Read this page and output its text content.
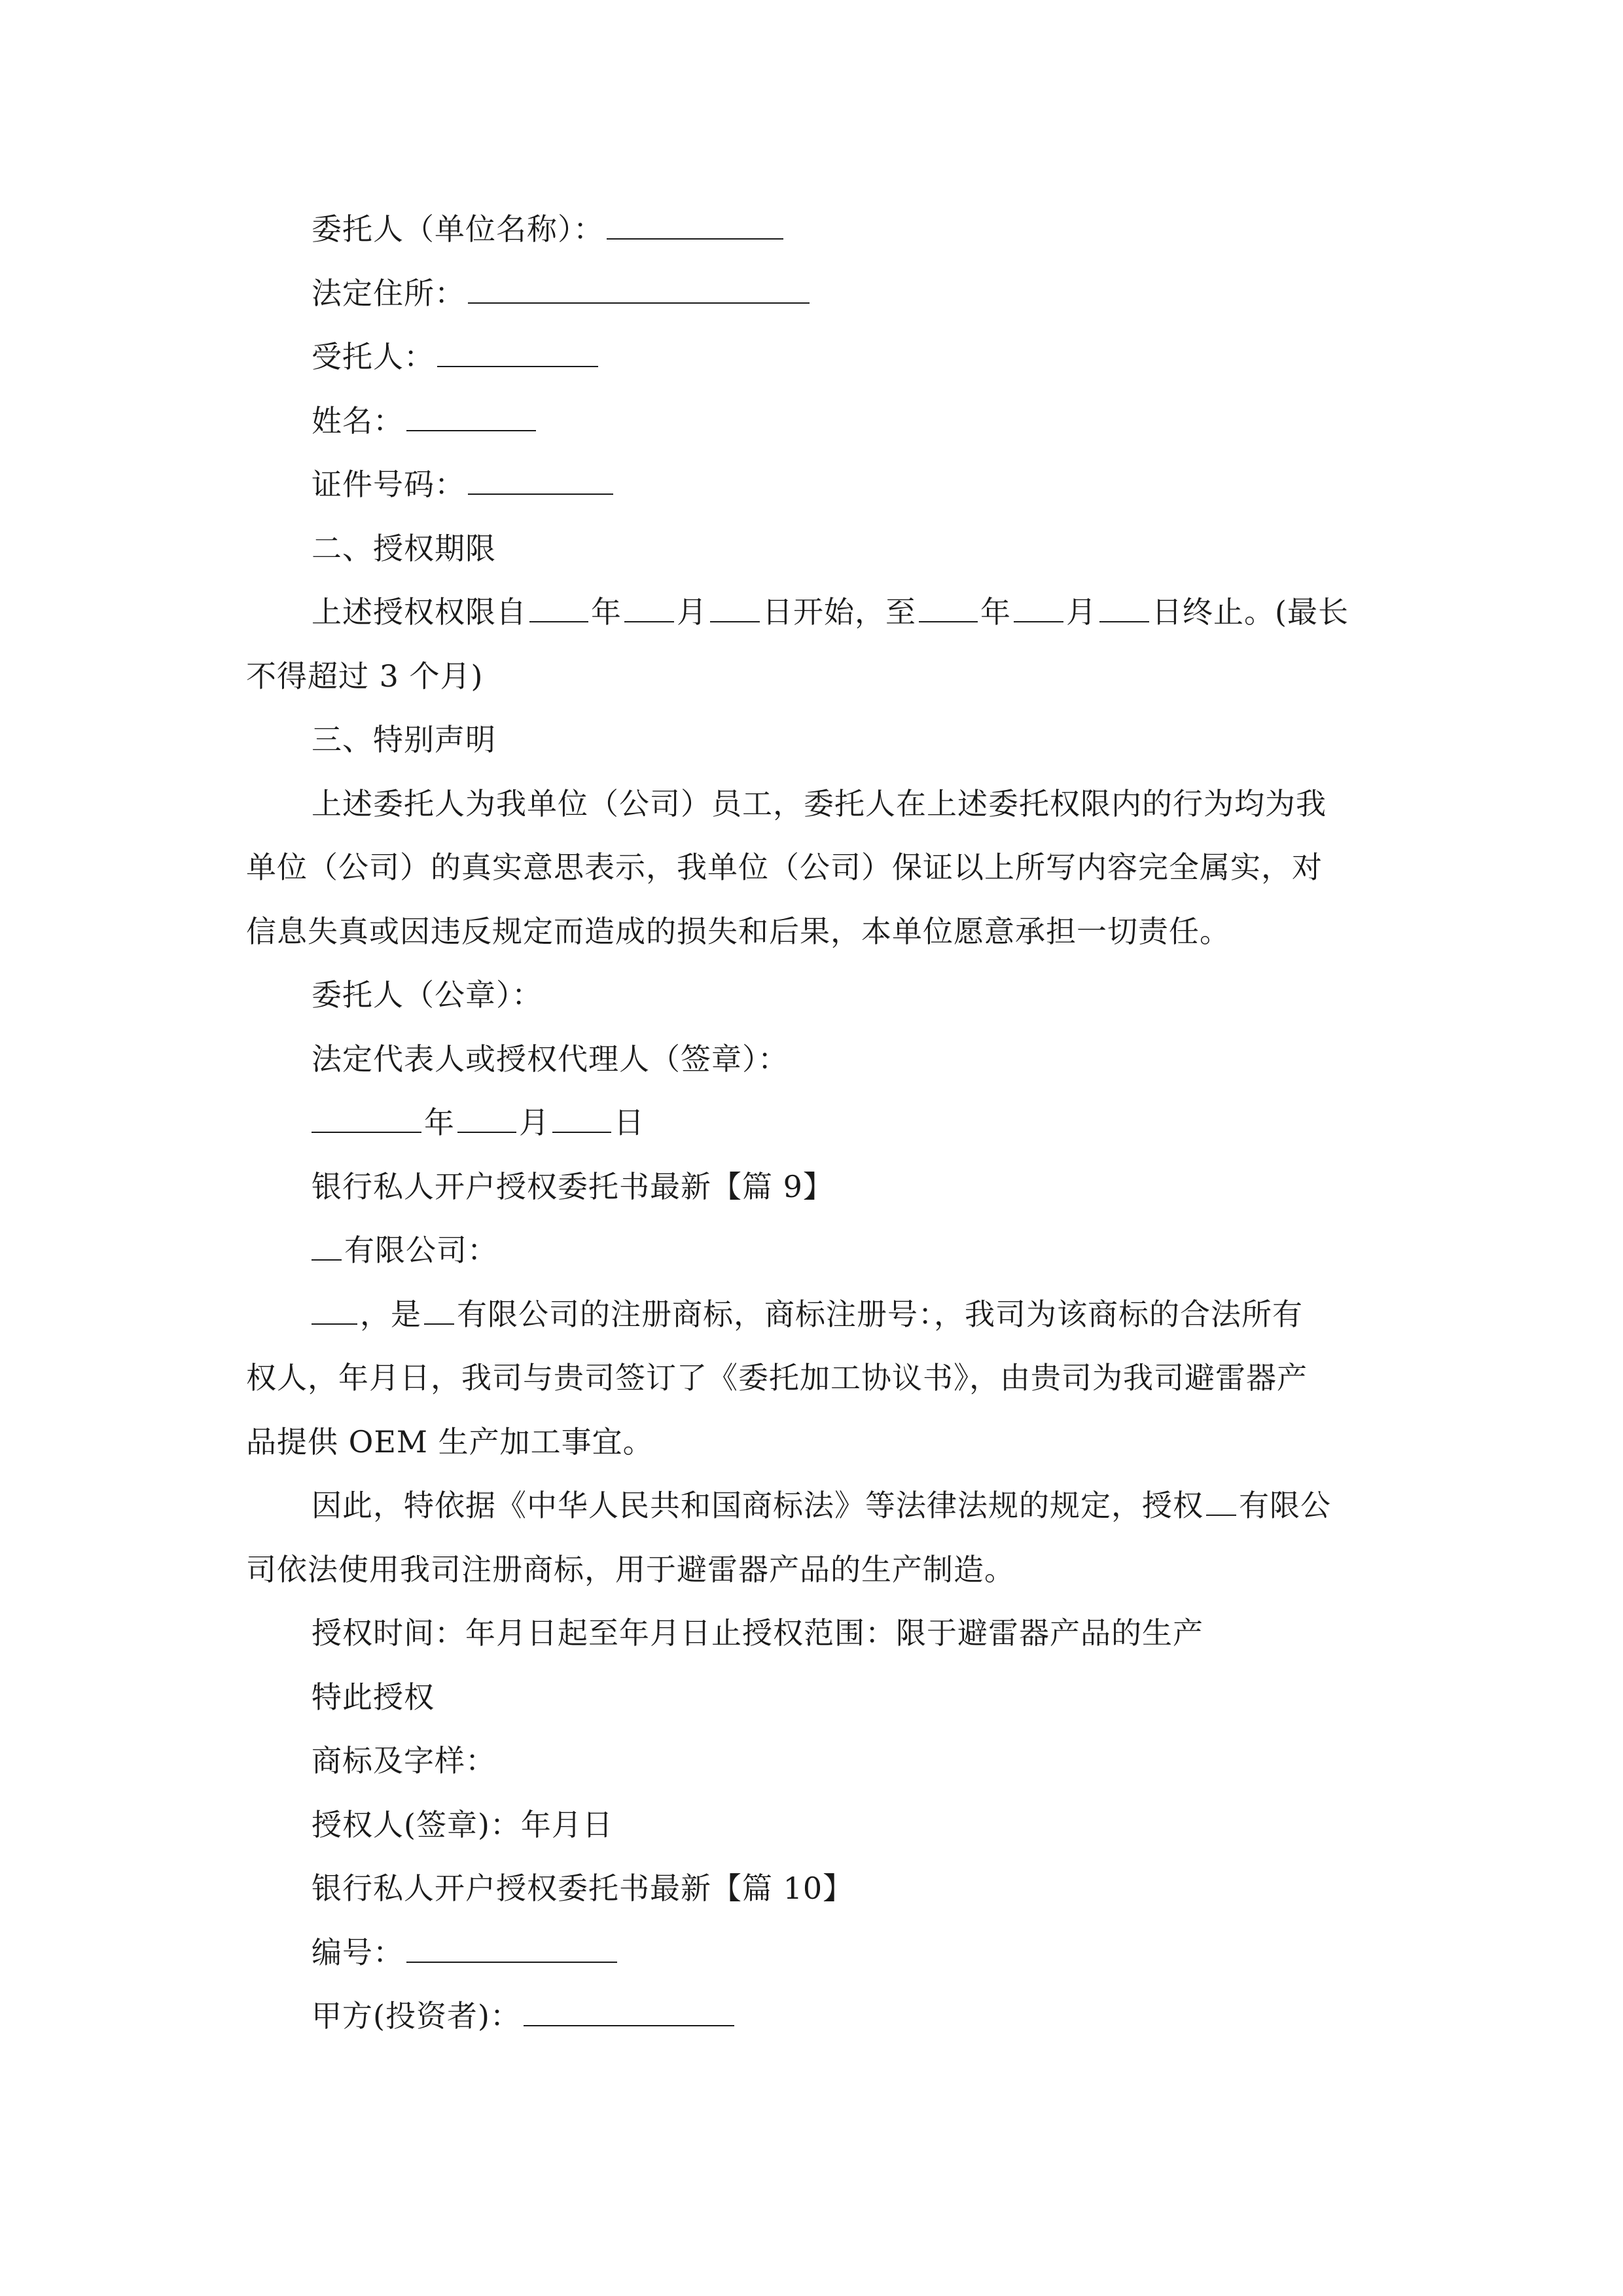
委托人（单位名称）：
法定住所：
受托人：
姓名：
证件号码：
二、授权期限
上述授权权限自 年 月 日开始，至 年 月 日终止。(最长
不得超过 3 个月)
三、特别声明
上述委托人为我单位（公司）员工，委托人在上述委托权限内的行为均为我
单位（公司）的真实意思表示，我单位（公司）保证以上所写内容完全属实，对
信息失真或因违反规定而造成的损失和后果，本单位愿意承担一切责任。
委托人（公章）：
法定代表人或授权代理人（签章）：
年 月 日
银行私人开户授权委托书最新【篇 9】
有限公司：
，是 有限公司的注册商标，商标注册号：，我司为该商标的合法所有
权人，年月日，我司与贵司签订了《委托加工协议书》，由贵司为我司避雷器产
品提供 OEM 生产加工事宜。
因此，特依据《中华人民共和国商标法》等法律法规的规定，授权 有限公
司依法使用我司注册商标，用于避雷器产品的生产制造。
授权时间：年月日起至年月日止授权范围：限于避雷器产品的生产
特此授权
商标及字样：
授权人(签章)：年月日
银行私人开户授权委托书最新【篇 10】
编号：
甲方(投资者)：
